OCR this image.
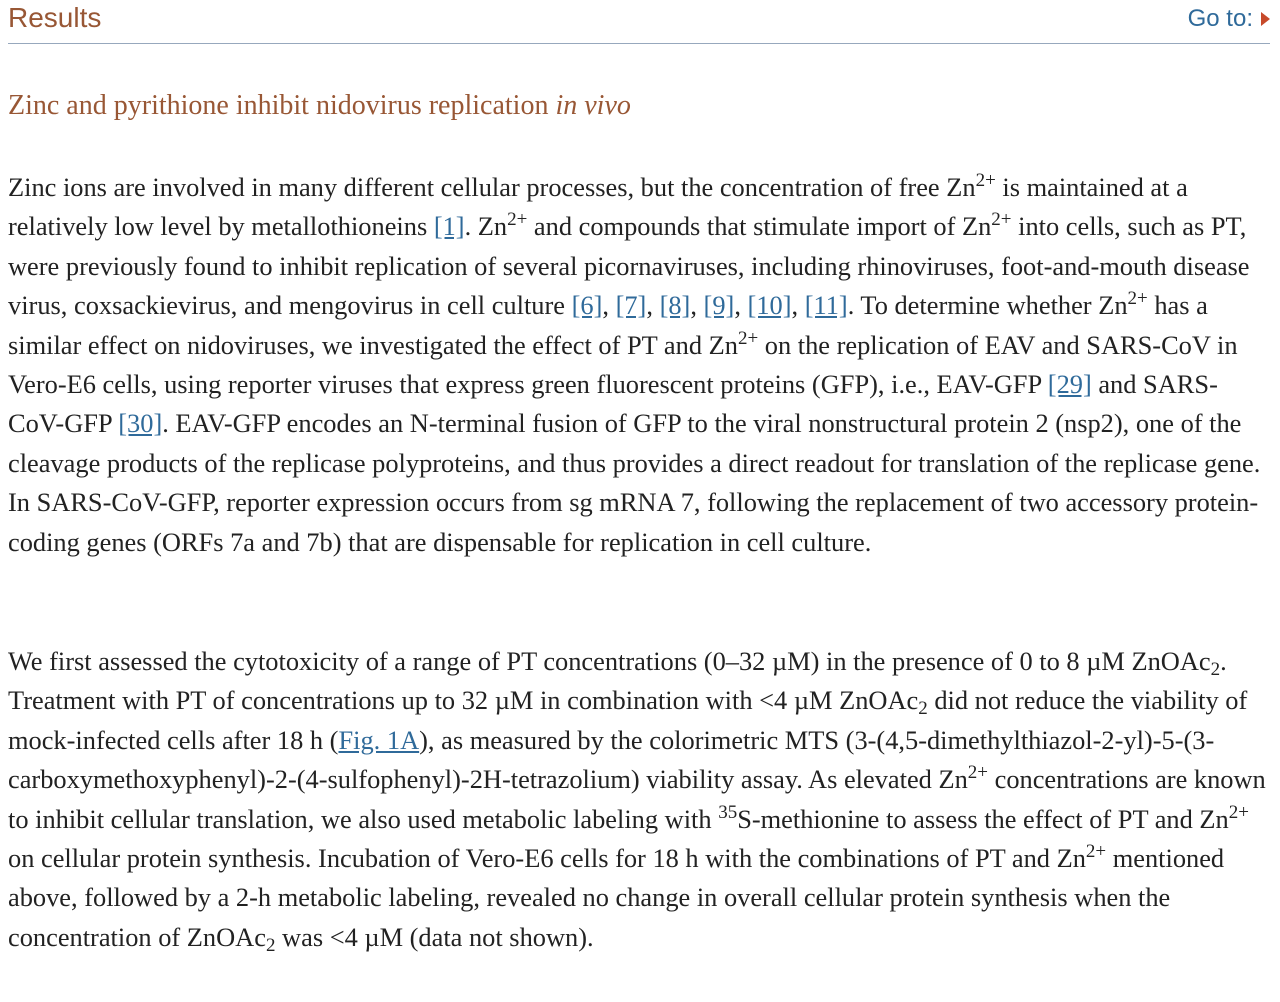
Results	Go to:
Zinc and pyrithione inhibit nidovirus replication in vivo

Zinc ions are involved in many different cellular processes, but the concentration of free $Zn^{2+}$ is maintained at a relatively low level by metallothioneins [1]. $Zn^{2+}$ and compounds that stimulate import of $Zn^{2+}$ into cells, such as PT, were previously found to inhibit replication of several picornaviruses, including rhinoviruses, foot-and-mouth disease virus, coxsackievirus, and mengovirus in cell culture [6], [7], [8], [9], [10], [11]. To determine whether $Zn^{2+}$ has a similar effect on nidoviruses, we investigated the effect of PT and $Zn^{2+}$ on the replication of EAV and SARS-CoV in Vero-E6 cells, using reporter viruses that express green fluorescent proteins (GFP), i.e., EAV-GFP [29] and SARS-CoV-GFP [30]. EAV-GFP encodes an N-terminal fusion of GFP to the viral nonstructural protein 2 (nsp2), one of the cleavage products of the replicase polyproteins, and thus provides a direct readout for translation of the replicase gene. In SARS-CoV-GFP, reporter expression occurs from sg mRNA 7, following the replacement of two accessory protein-coding genes (ORFs 7a and 7b) that are dispensable for replication in cell culture.

We first assessed the cytotoxicity of a range of PT concentrations (0–32 µM) in the presence of 0 to 8 µM ZnOAc$_2$. Treatment with PT of concentrations up to 32 µM in combination with <4 µM ZnOAc$_2$ did not reduce the viability of mock-infected cells after 18 h (Fig. 1A), as measured by the colorimetric MTS (3-(4,5-dimethylthiazol-2-yl)-5-(3-carboxymethoxyphenyl)-2-(4-sulfophenyl)-2H-tetrazolium) viability assay. As elevated $Zn^{2+}$ concentrations are known to inhibit cellular translation, we also used metabolic labeling with $^{35}$S-methionine to assess the effect of PT and $Zn^{2+}$ on cellular protein synthesis. Incubation of Vero-E6 cells for 18 h with the combinations of PT and $Zn^{2+}$ mentioned above, followed by a 2-h metabolic labeling, revealed no change in overall cellular protein synthesis when the concentration of ZnOAc$_2$ was <4 µM (data not shown).
